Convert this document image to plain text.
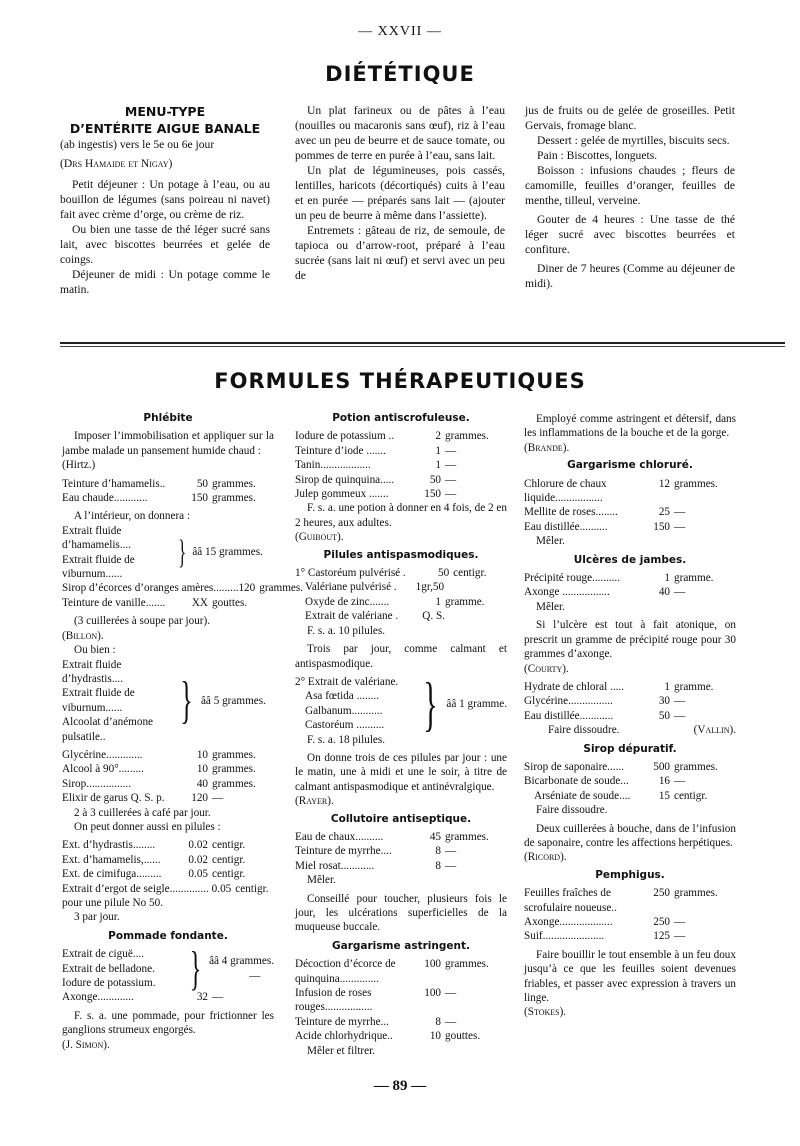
— XXVII —
DIÉTÉTIQUE
MENU-TYPE
D’ENTÉRITE AIGUE BANALE

(ab ingestis) vers le 5e ou 6e jour

(Drs Hamaide et Nigay)

Petit déjeuner : Un potage à l’eau, ou au bouillon de légumes (sans poireau ni navet) fait avec crème d’orge, ou crème de riz.

Ou bien une tasse de thé léger sucré sans lait, avec biscottes beurrées et gelée de coings.

Déjeuner de midi : Un potage comme le matin.

Un plat farineux ou de pâtes à l’eau (nouilles ou macaronis sans œuf), riz à l’eau avec un peu de beurre et de sauce tomate, ou pommes de terre en purée à l’eau, sans lait.

Un plat de légumineuses, pois cassés, lentilles, haricots (décortiqués) cuits à l’eau et en purée — préparés sans lait — (ajouter un peu de beurre à même dans l’assiette).

Entremets : gâteau de riz, de semoule, de tapioca ou d’arrow-root, préparé à l’eau sucrée (sans lait ni œuf) et servi avec un peu de

jus de fruits ou de gelée de groseilles. Petit Gervais, fromage blanc.

Dessert : gelée de myrtilles, biscuits secs.

Pain : Biscottes, longuets.

Boisson : infusions chaudes ; fleurs de camomille, feuilles d’oranger, feuilles de menthe, tilleul, verveine.

Gouter de 4 heures : Une tasse de thé léger sucré avec biscottes beurrées et confiture.

Diner de 7 heures (Comme au déjeuner de midi).

FORMULES THÉRAPEUTIQUES
Phlébite

Imposer l’immobilisation et appliquer sur la jambe malade un pansement humide chaud :

(Hirtz.)

Teinture d’hamamelis..	50 grammes.
Eau chaude............	150 grammes.

A l’intérieur, on donnera :

Extrait fluide d’hamamelis....
Extrait fluide de viburnum......
} ââ 15 grammes.
Sirop d’écorces d’oranges amères......... 120 grammes.
Teinture de vanille.......	XX gouttes.

(3 cuillerées à soupe par jour).

(Billon).

Ou bien :

Extrait fluide d’hydrastis....
Extrait fluide de viburnum......
Alcoolat d’anémone pulsatile..
} ââ 5 grammes.
Glycérine.............	10 grammes.
Alcool à 90°.........	10 grammes.
Sirop................	40 grammes.
Elixir de garus Q. S. p.	120 —

2 à 3 cuillerées à café par jour.

On peut donner aussi en pilules :

Ext. d’hydrastis........	0.02 centigr.
Ext. d’hamamelis,......	0.02 centigr.
Ext. de cimifuga.........	0.05 centigr.
Extrait d’ergot de seigle.............. 0.05 centigr.

pour une pilule No 50.

3 par jour.

Pommade fondante.
Extrait de ciguë....
Extrait de belladone.
Iodure de potassium. } ââ 4 grammes.
—
Axonge.............	32 —

F. s. a. une pommade, pour frictionner les ganglions strumeux engorgés.

(J. Simon).

Potion antiscrofuleuse.
Iodure de potassium ..	2 grammes.
Teinture d’iode .......	1 —
Tanin..................	1 —
Sirop de quinquina.....	50 —
Julep gommeux .......	150 —

F. s. a. une potion à donner en 4 fois, de 2 en 2 heures, aux adultes.

(Guibout).

Pilules antispasmodiques.
1° Castoréum pulvérisé .	50 centigr.
Valériane pulvérisé .	1gr,50
Oxyde de zinc.......	1 gramme.
Extrait de valériane .	Q. S.

F. s. a. 10 pilules.

Trois par jour, comme calmant et antispasmodique.

2° Extrait de valériane.
Asa fœtida ........
Galbanum...........
Castoréum .......... } ââ 1 gramme.

F. s. a. 18 pilules.

On donne trois de ces pilules par jour : une le matin, une à midi et une le soir, à titre de calmant antispasmodique et antinévralgique.

(Rayer).

Collutoire antiseptique.
Eau de chaux..........	45 grammes.
Teinture de myrrhe....	8 —
Miel rosat............	8 —

Mêler.

Conseillé pour toucher, plusieurs fois le jour, les ulcérations superficielles de la muqueuse buccale.

Gargarisme astringent.
Décoction d’écorce de quinquina..............
100 grammes.
Infusion de roses rouges.................
100 —
Teinture de myrrhe...	8 —
Acide chlorhydrique..	10 gouttes.

Mêler et filtrer.

Employé comme astringent et détersif, dans les inflammations de la bouche et de la gorge.

(Brande).

Gargarisme chloruré.
Chlorure de chaux liquide.................
12 grammes.
Mellite de roses........	25 —
Eau distillée..........	150 —

Mêler.

Ulcères de jambes.
Précipité rouge..........	1 gramme.
Axonge .................	40 —

Mêler.

Si l’ulcère est tout à fait atonique, on prescrit un gramme de précipité rouge pour 30 grammes d’axonge.

(Courty).

Hydrate de chloral .....	1 gramme.
Glycérine................	30 —
Eau distillée............	50 —
Faire dissoudre.	(Vallin).
Sirop dépuratif.
Sirop de saponaire......	500 grammes.
Bicarbonate de soude...	16 —
Arséniate de soude....	15 centigr.

Faire dissoudre.

Deux cuillerées à bouche, dans de l’infusion de saponaire, contre les affections herpétiques.

(Ricord).

Pemphigus.
Feuilles fraîches de scrofulaire noueuse..
250 grammes.
Axonge...................	250 —
Suif......................	125 —

Faire bouillir le tout ensemble à un feu doux jusqu’à ce que les feuilles soient devenues friables, et passer avec expression à travers un linge.

(Stokes).

— 89 —
